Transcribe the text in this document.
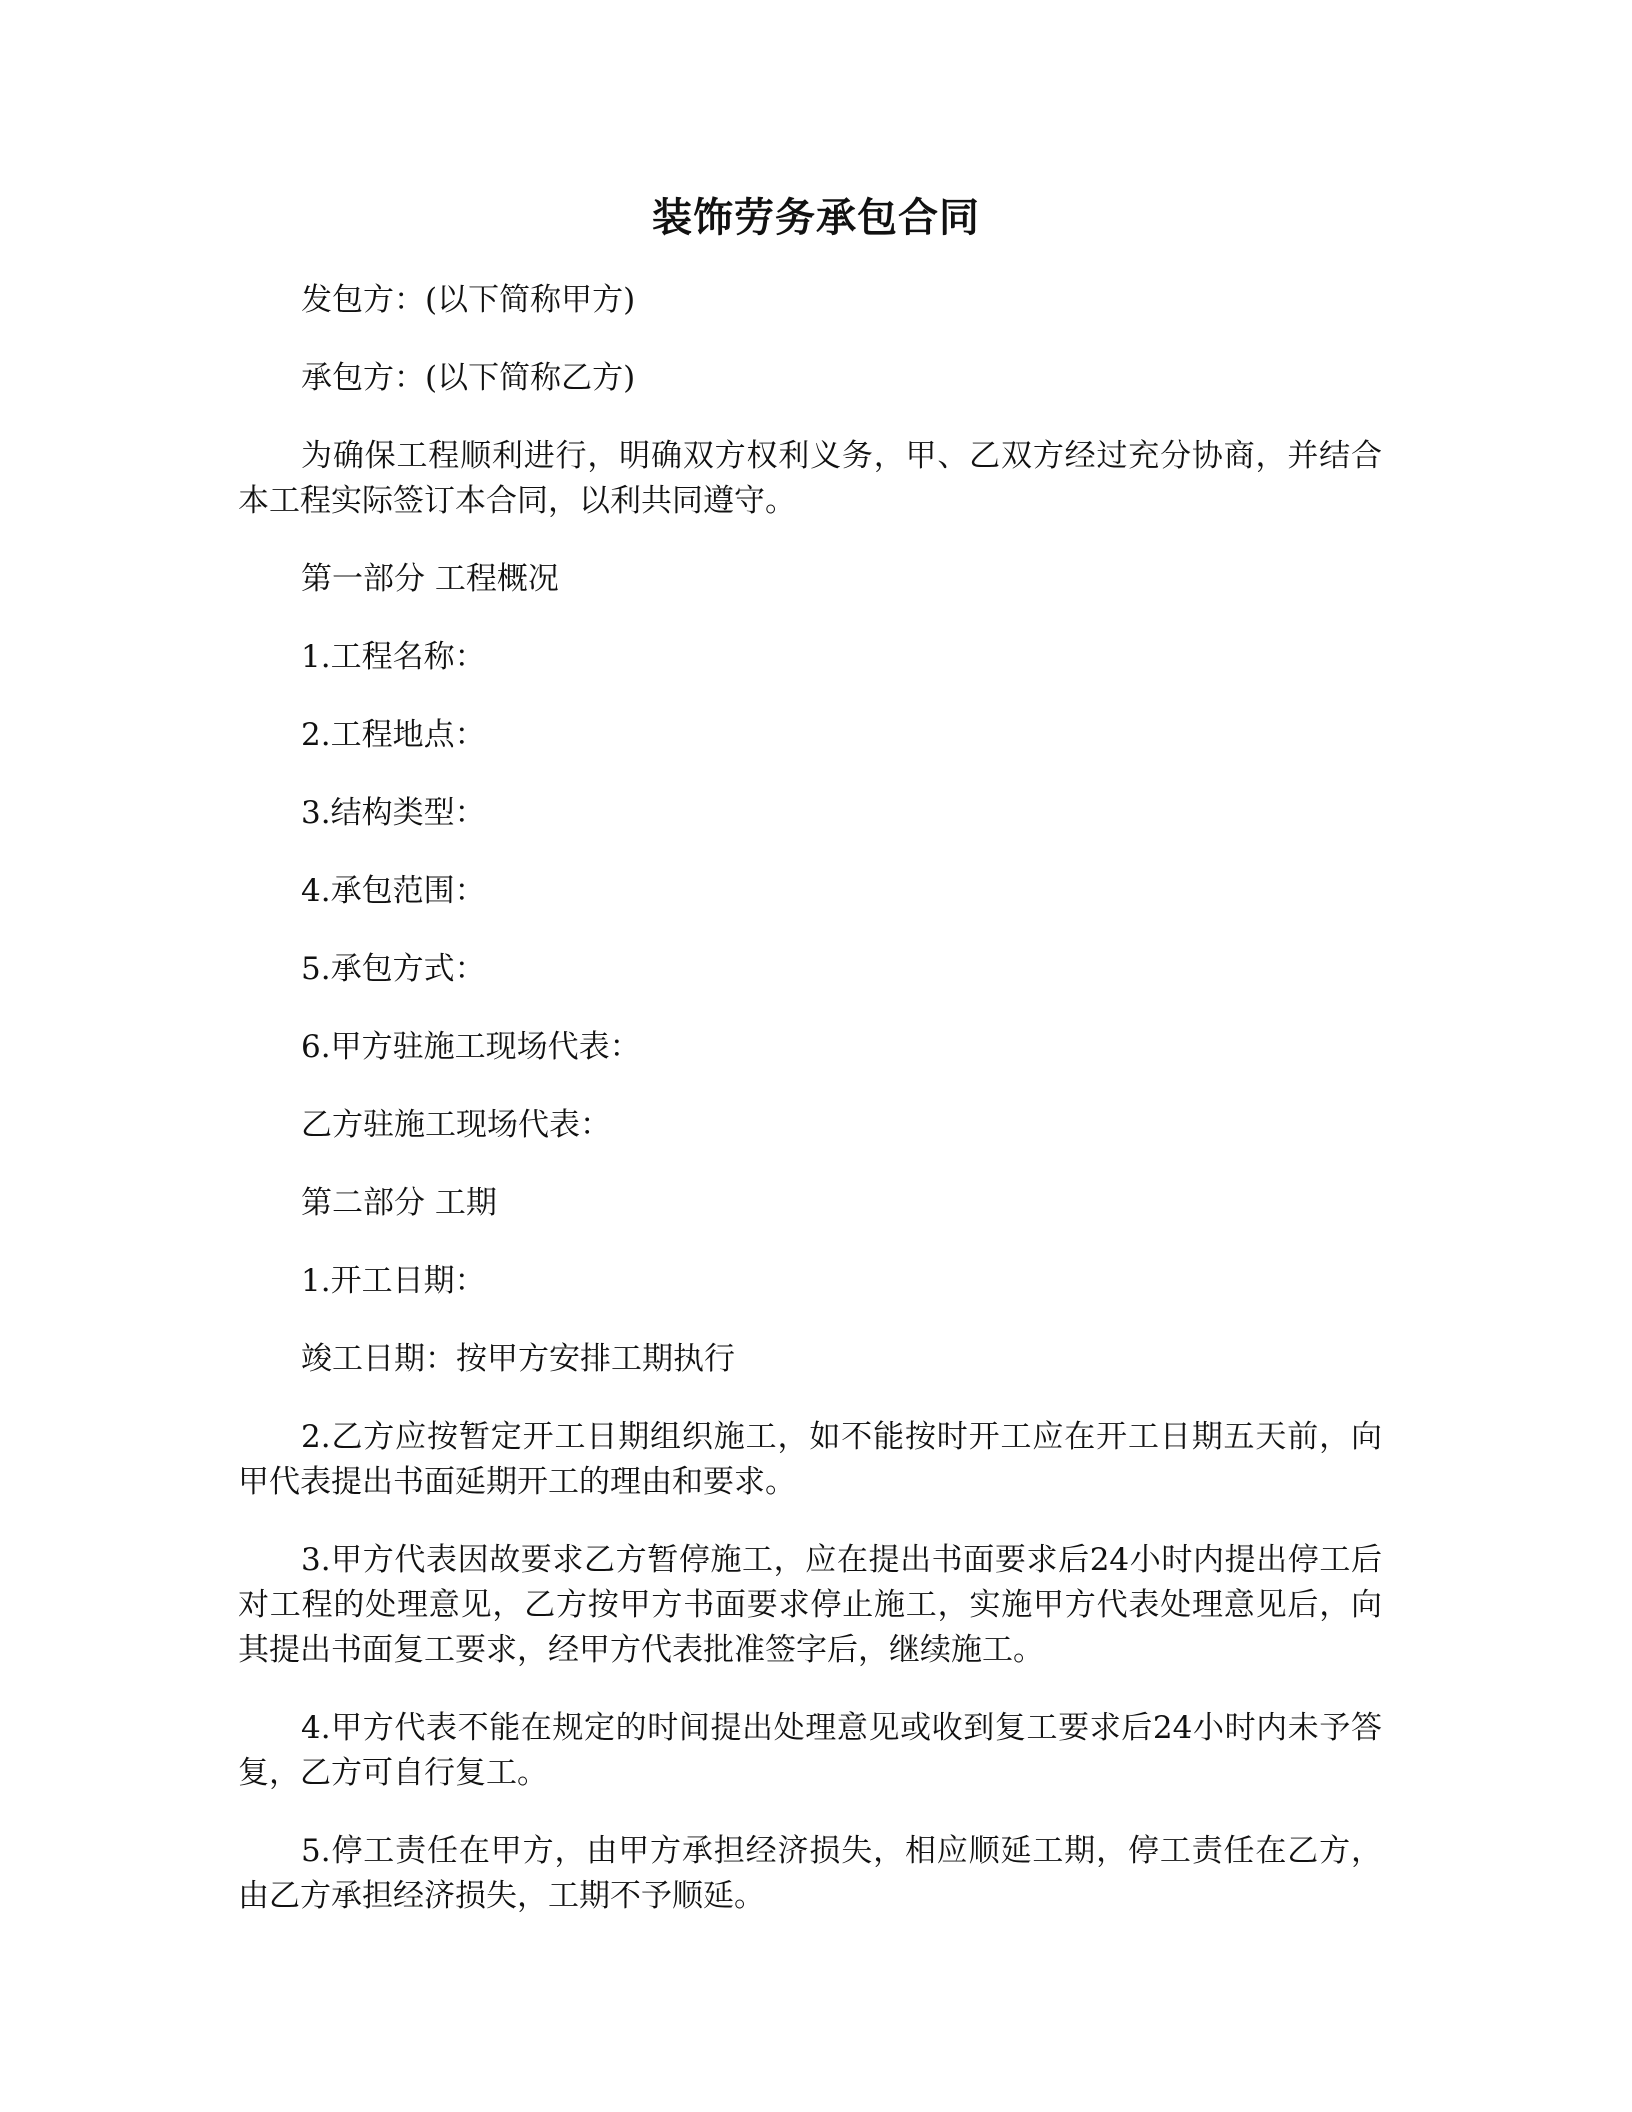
装饰劳务承包合同

发包方：(以下简称甲方)

承包方：(以下简称乙方)

为确保工程顺利进行，明确双方权利义务，甲、乙双方经过充分协商，并结合本工程实际签订本合同，以利共同遵守。

第一部分 工程概况

1.工程名称：

2.工程地点：

3.结构类型：

4.承包范围：

5.承包方式：

6.甲方驻施工现场代表：

乙方驻施工现场代表：

第二部分 工期

1.开工日期：

竣工日期：按甲方安排工期执行

2.乙方应按暂定开工日期组织施工，如不能按时开工应在开工日期五天前，向甲代表提出书面延期开工的理由和要求。

3.甲方代表因故要求乙方暂停施工，应在提出书面要求后24小时内提出停工后对工程的处理意见，乙方按甲方书面要求停止施工，实施甲方代表处理意见后，向其提出书面复工要求，经甲方代表批准签字后，继续施工。

4.甲方代表不能在规定的时间提出处理意见或收到复工要求后24小时内未予答复，乙方可自行复工。

5.停工责任在甲方，由甲方承担经济损失，相应顺延工期，停工责任在乙方，由乙方承担经济损失，工期不予顺延。
